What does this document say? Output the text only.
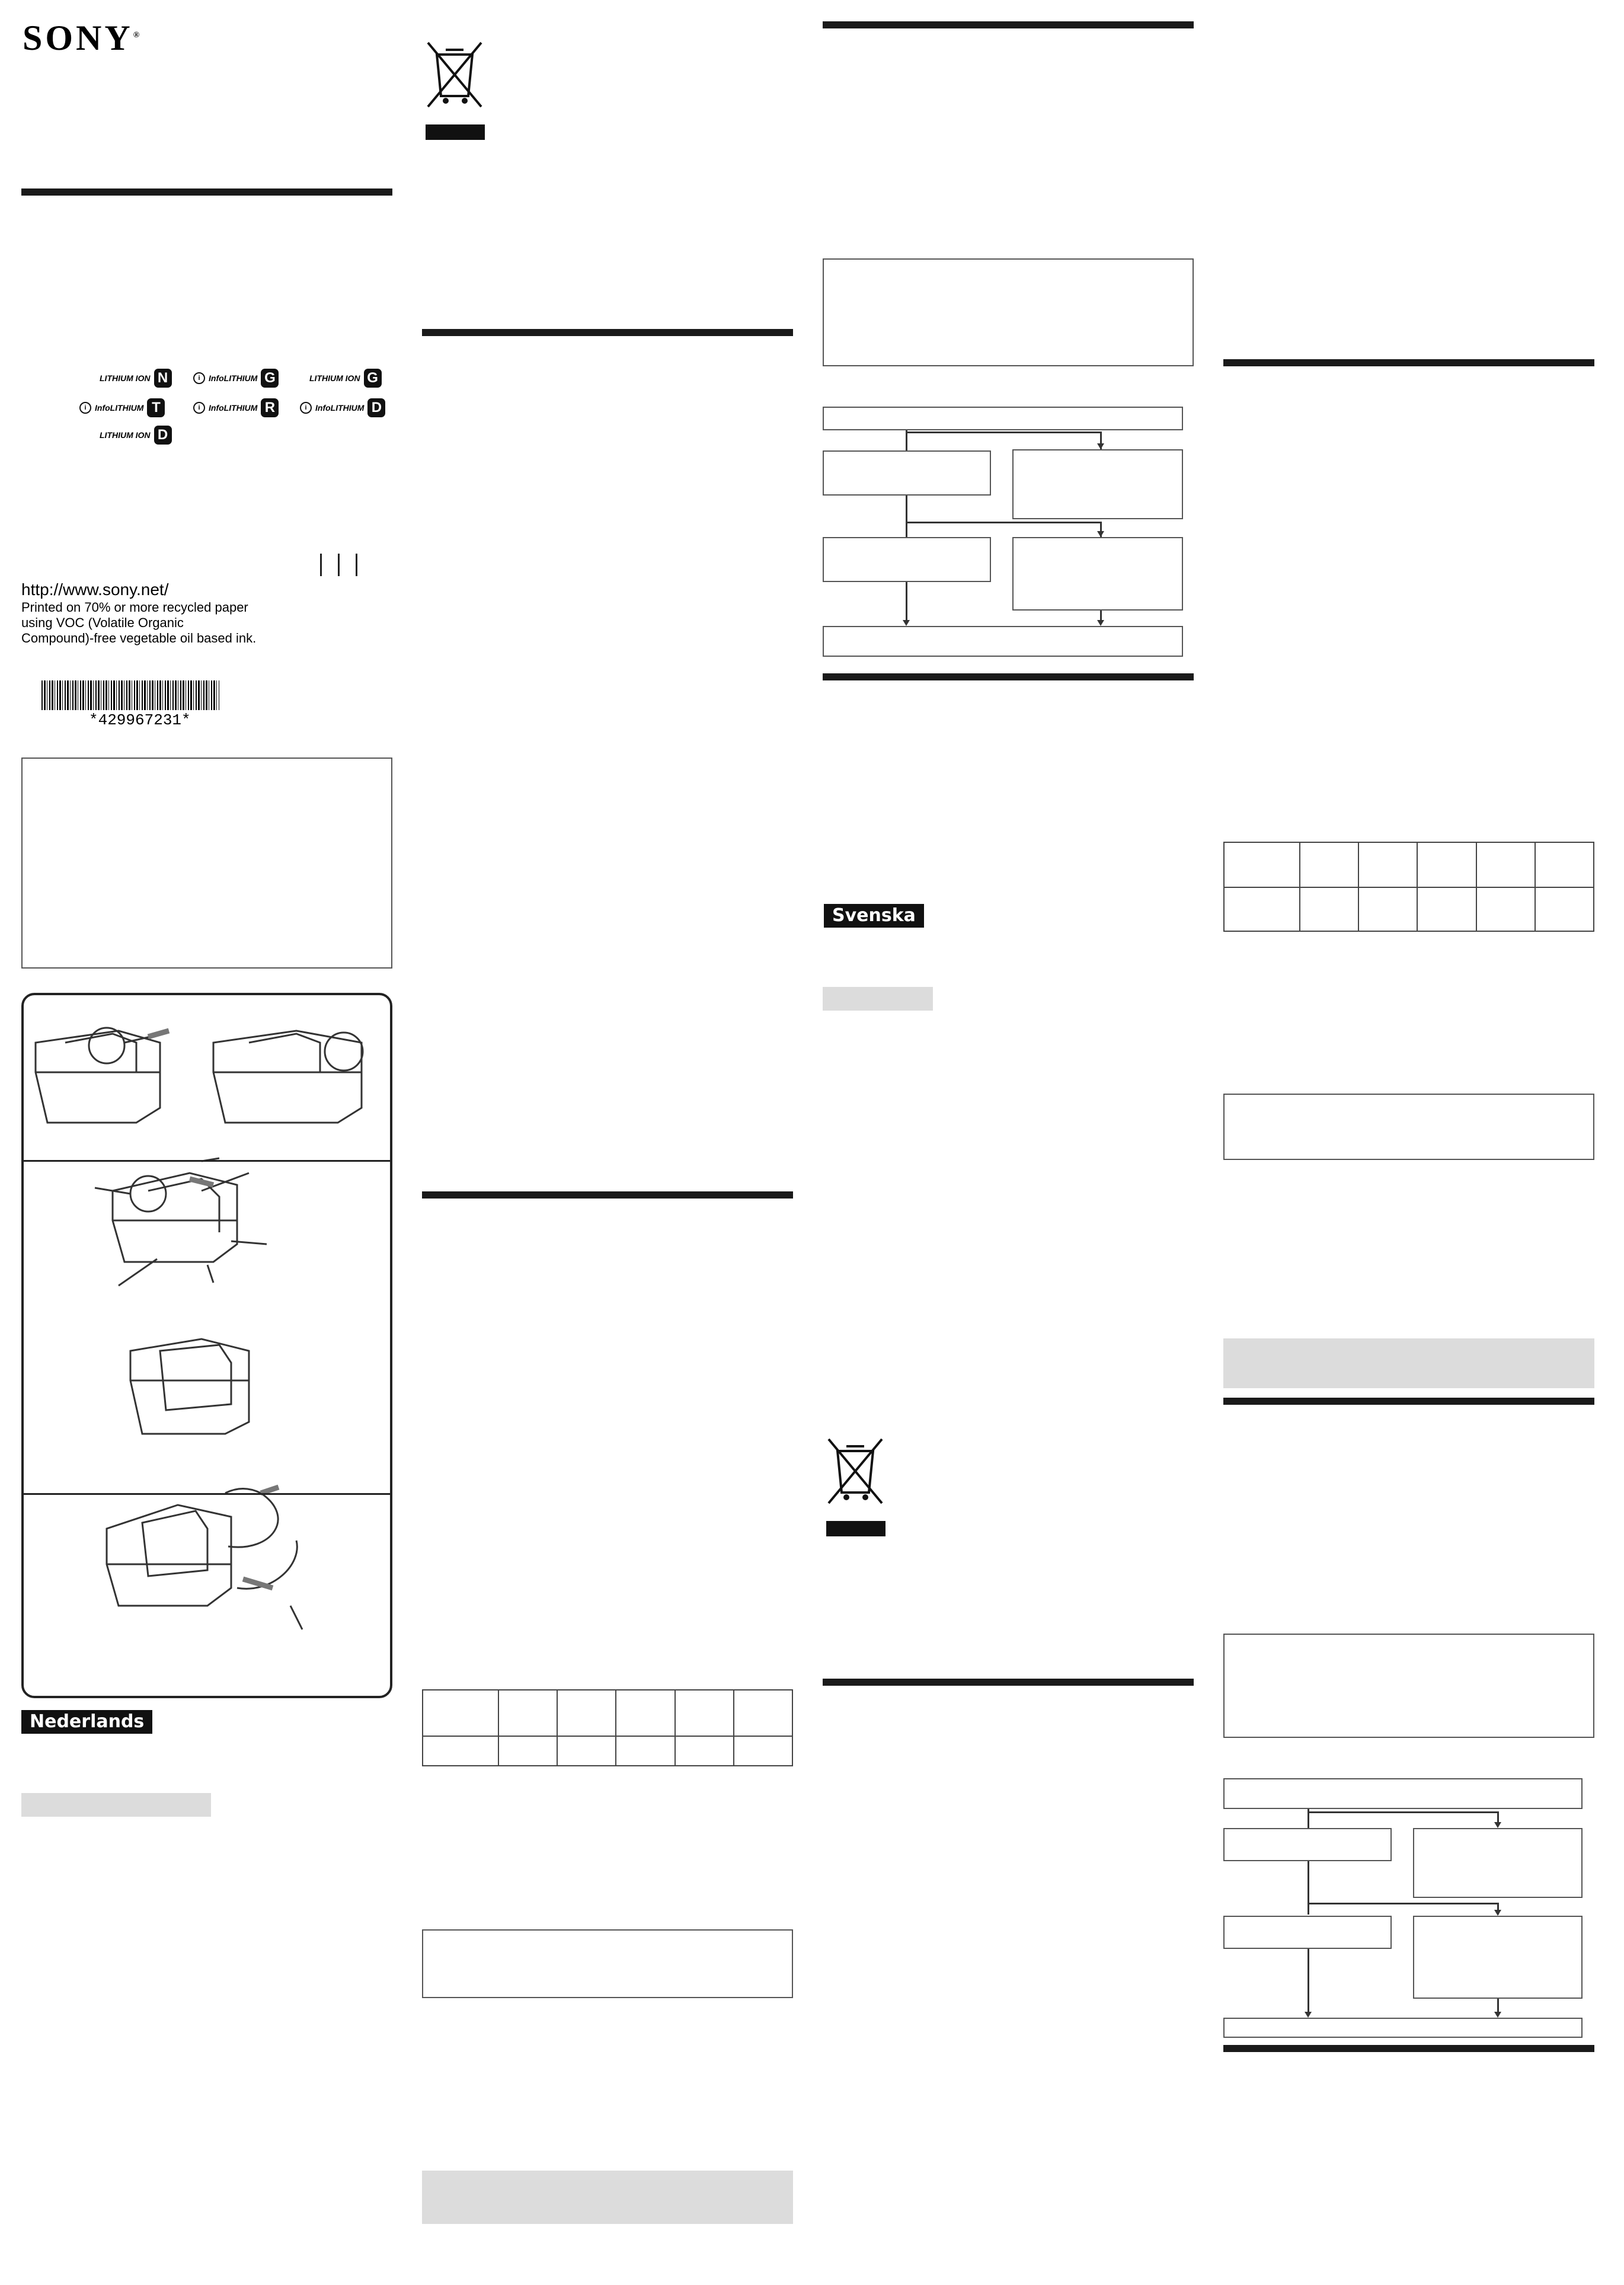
SONY®
LITHIUM ION N	i	InfoLITHIUM G	LITHIUM ION G
i	InfoLITHIUM T	i	InfoLITHIUM R	i	InfoLITHIUM D
LITHIUM ION D
http://www.sony.net/
Printed on 70% or more recycled paper using VOC (Volatile Organic Compound)-free vegetable oil based ink.
*429967231*
Nederlands

Svenska
